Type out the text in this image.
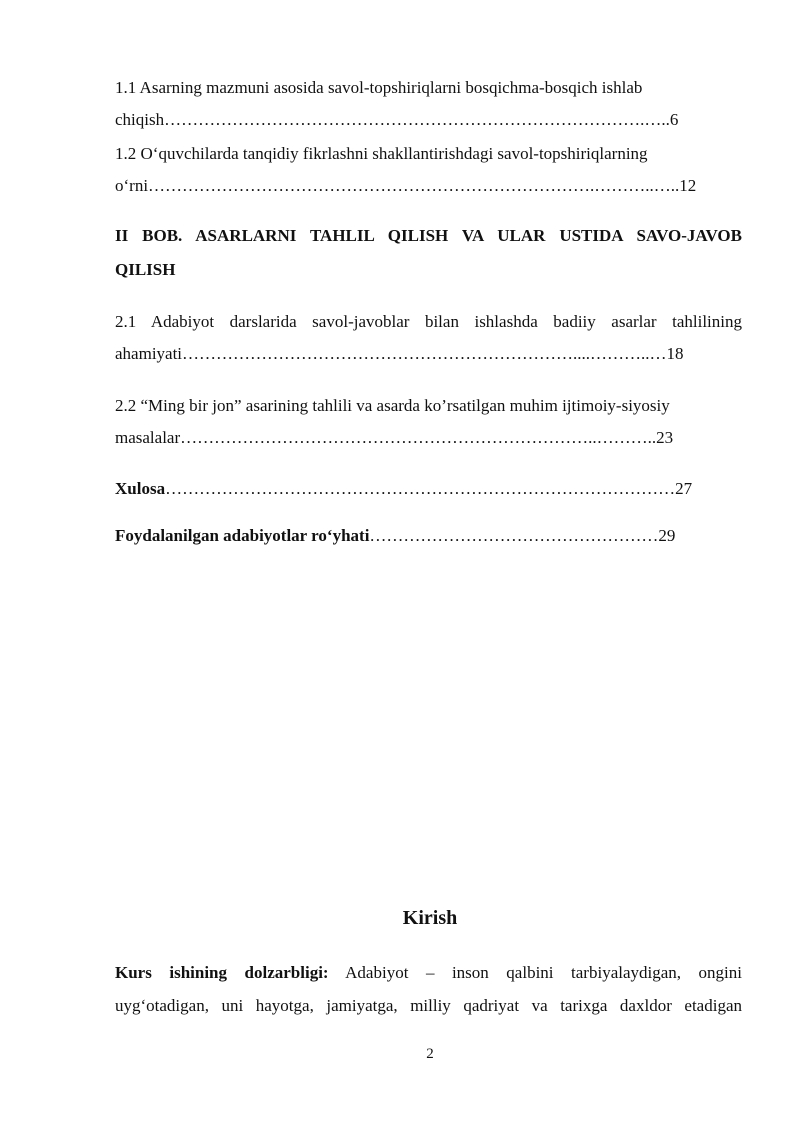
1.1 Asarning mazmuni asosida savol-topshiriqlarni bosqichma-bosqich ishlab
chiqish………………………………………………………………………….…..6
1.2 O‘quvchilarda tanqidiy fikrlashni shakllantirishdagi savol-topshiriqlarning
o‘rni…………………………………………………………………….………..…..12
II BOB. ASARLARNI TAHLIL QILISH VA ULAR USTIDA SAVO-JAVOB
QILISH
2.1 Adabiyot darslarida savol-javoblar bilan ishlashda badiiy asarlar tahlilining
ahamiyati……………………………………………………………....………..…18
2.2 “Ming bir jon” asarining tahlili va asarda ko’rsatilgan muhim ijtimoiy-siyosiy
masalalar………………………………………………………………..………..23
Xulosa………………………………………………………………………………27
Foydalanilgan adabiyotlar ro‘yhati……………………………………………29
Kirish
Kurs ishining dolzarbligi: Adabiyot – inson qalbini tarbiyalaydigan, ongini
uyg‘otadigan, uni hayotga, jamiyatga, milliy qadriyat va tarixga daxldor etadigan
2
